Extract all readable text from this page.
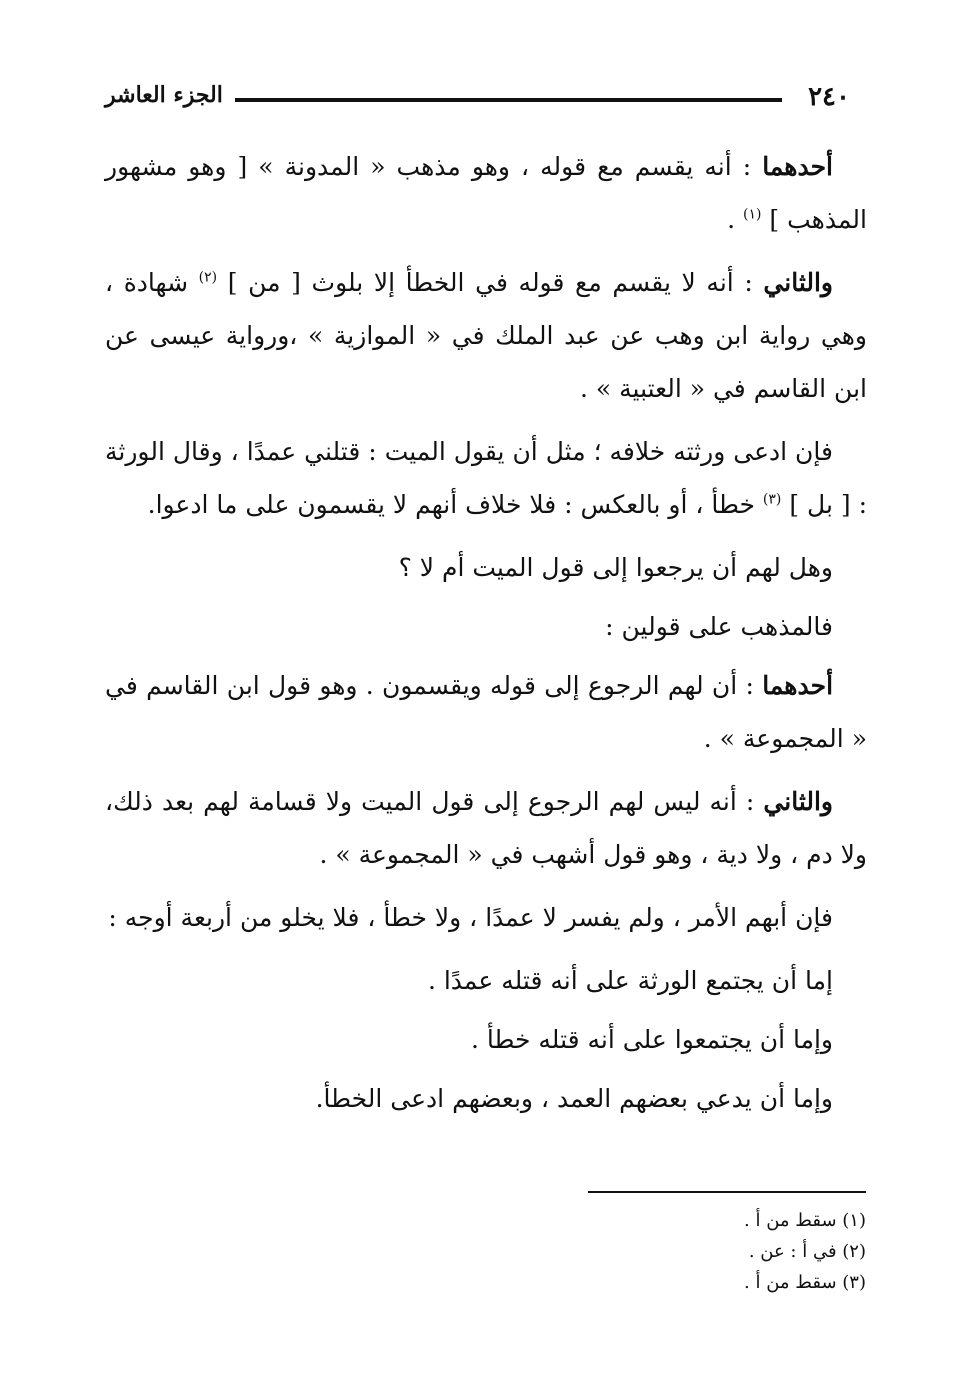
٢٤٠
الجزء العاشر

أحدهما : أنه يقسم مع قوله ، وهو مذهب « المدونة » [ وهو مشهور المذهب ] $^{(١)}$ .

والثاني : أنه لا يقسم مع قوله في الخطأ إلا بلوث [ من ] $^{(٢)}$ شهادة ، وهي رواية ابن وهب عن عبد الملك في « الموازية » ،ورواية عيسى عن ابن القاسم في « العتبية » .

فإن ادعى ورثته خلافه ؛ مثل أن يقول الميت : قتلني عمدًا ، وقال الورثة : [ بل ] $^{(٣)}$ خطأ ، أو بالعكس : فلا خلاف أنهم لا يقسمون على ما ادعوا.

وهل لهم أن يرجعوا إلى قول الميت أم لا ؟

فالمذهب على قولين :

أحدهما : أن لهم الرجوع إلى قوله ويقسمون . وهو قول ابن القاسم في « المجموعة » .

والثاني : أنه ليس لهم الرجوع إلى قول الميت ولا قسامة لهم بعد ذلك، ولا دم ، ولا دية ، وهو قول أشهب في « المجموعة » .

فإن أبهم الأمر ، ولم يفسر لا عمدًا ، ولا خطأ ، فلا يخلو من أربعة أوجه :

إما أن يجتمع الورثة على أنه قتله عمدًا .

وإما أن يجتمعوا على أنه قتله خطأ .

وإما أن يدعي بعضهم العمد ، وبعضهم ادعى الخطأ.

(١) سقط من أ .
(٢) في أ : عن .
(٣) سقط من أ .
